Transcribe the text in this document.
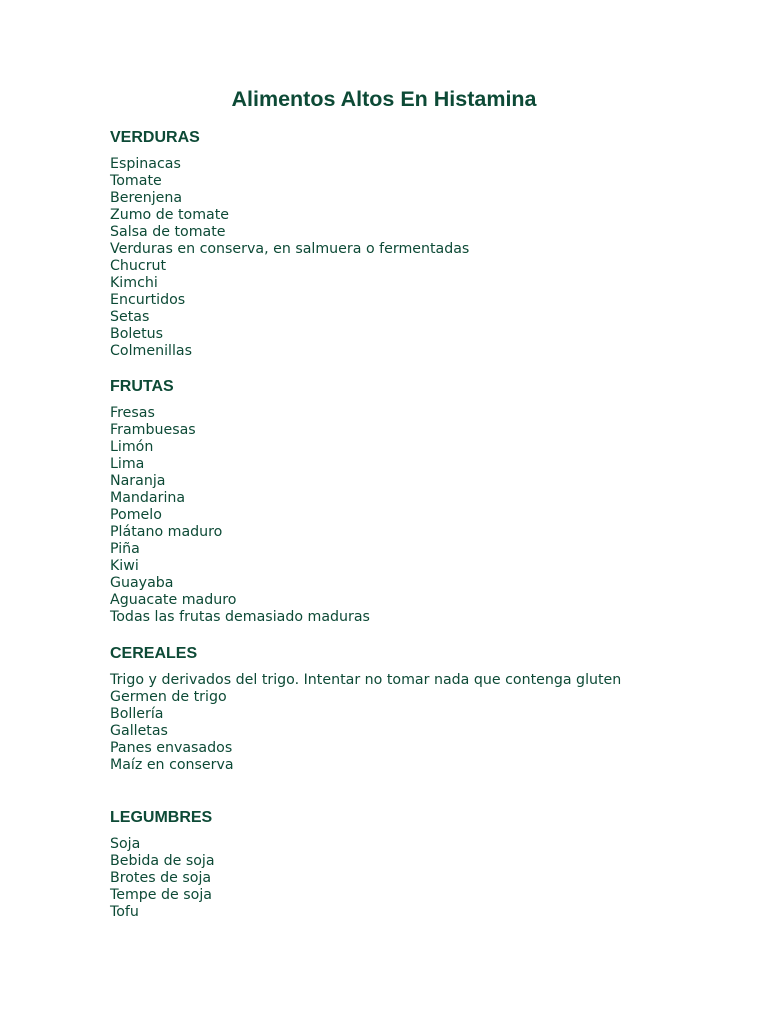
Alimentos Altos En Histamina
VERDURAS
Espinacas
Tomate
Berenjena
Zumo de tomate
Salsa de tomate
Verduras en conserva, en salmuera o fermentadas
Chucrut
Kimchi
Encurtidos
Setas
Boletus
Colmenillas
FRUTAS
Fresas
Frambuesas
Limón
Lima
Naranja
Mandarina
Pomelo
Plátano maduro
Piña
Kiwi
Guayaba
Aguacate maduro
Todas las frutas demasiado maduras
CEREALES
Trigo y derivados del trigo. Intentar no tomar nada que contenga gluten
Germen de trigo
Bollería
Galletas
Panes envasados
Maíz en conserva
LEGUMBRES
Soja
Bebida de soja
Brotes de soja
Tempe de soja
Tofu
